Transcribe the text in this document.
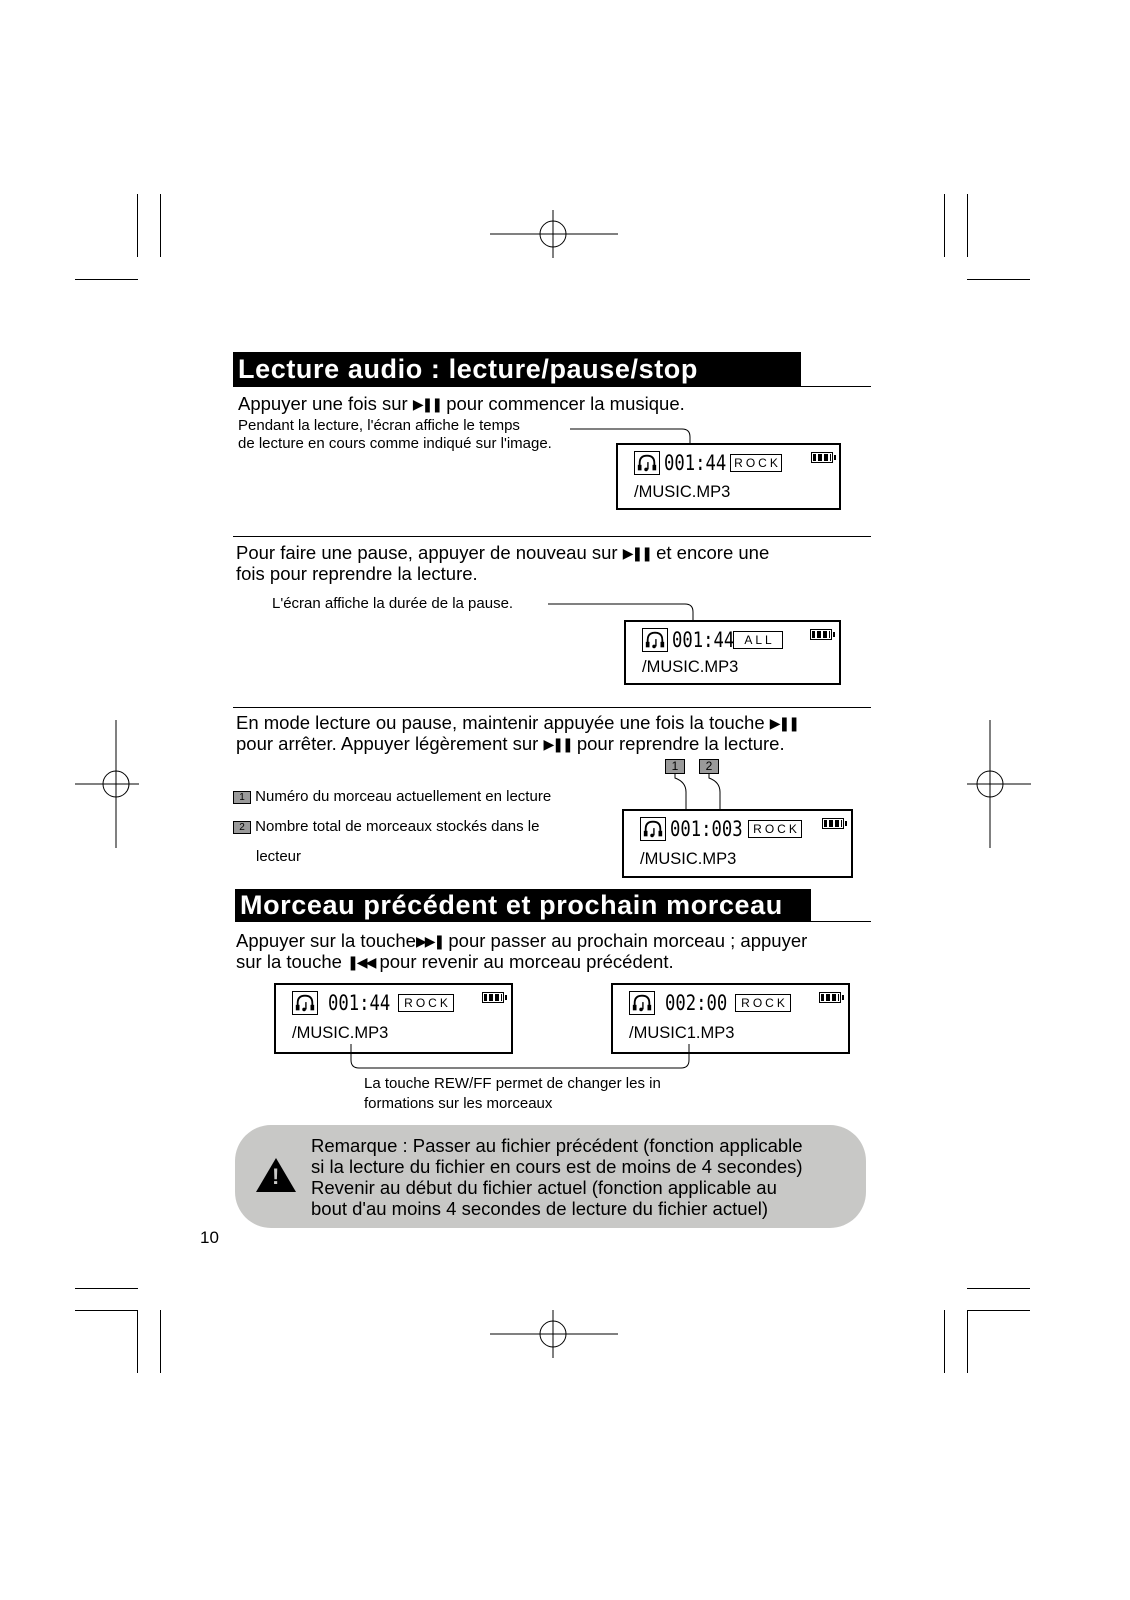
Lecture audio : lecture/pause/stop
Appuyer une fois sur ▶❚❚ pour commencer la musique.
Pendant la lecture, l'écran affiche le temps
de lecture en cours comme indiqué sur l'image.
001:44 ROCK
/MUSIC.MP3
Pour faire une pause, appuyer de nouveau sur ▶❚❚ et encore une
fois pour reprendre la lecture.
L'écran affiche la durée de la pause.
001:44 ALL
/MUSIC.MP3
En mode lecture ou pause, maintenir appuyée une fois la touche ▶❚❚
pour arrêter. Appuyer légèrement sur ▶❚❚ pour reprendre la lecture.
1	2
1 Numéro du morceau actuellement en lecture
2 Nombre total de morceaux stockés dans le
lecteur
001:003 ROCK
/MUSIC.MP3
Morceau précédent et prochain morceau
Appuyer sur la touche▶▶❚ pour passer au prochain morceau ; appuyer
sur la touche ❚◀◀ pour revenir au morceau précédent.
001:44	ROCK
/MUSIC.MP3
002:00	ROCK
/MUSIC1.MP3
La touche REW/FF permet de changer les in
formations sur les morceaux
!
Remarque : Passer au fichier précédent (fonction applicable
si la lecture du fichier en cours est de moins de 4 secondes)
Revenir au début du fichier actuel (fonction applicable au
bout d'au moins 4 secondes de lecture du fichier actuel)
10
